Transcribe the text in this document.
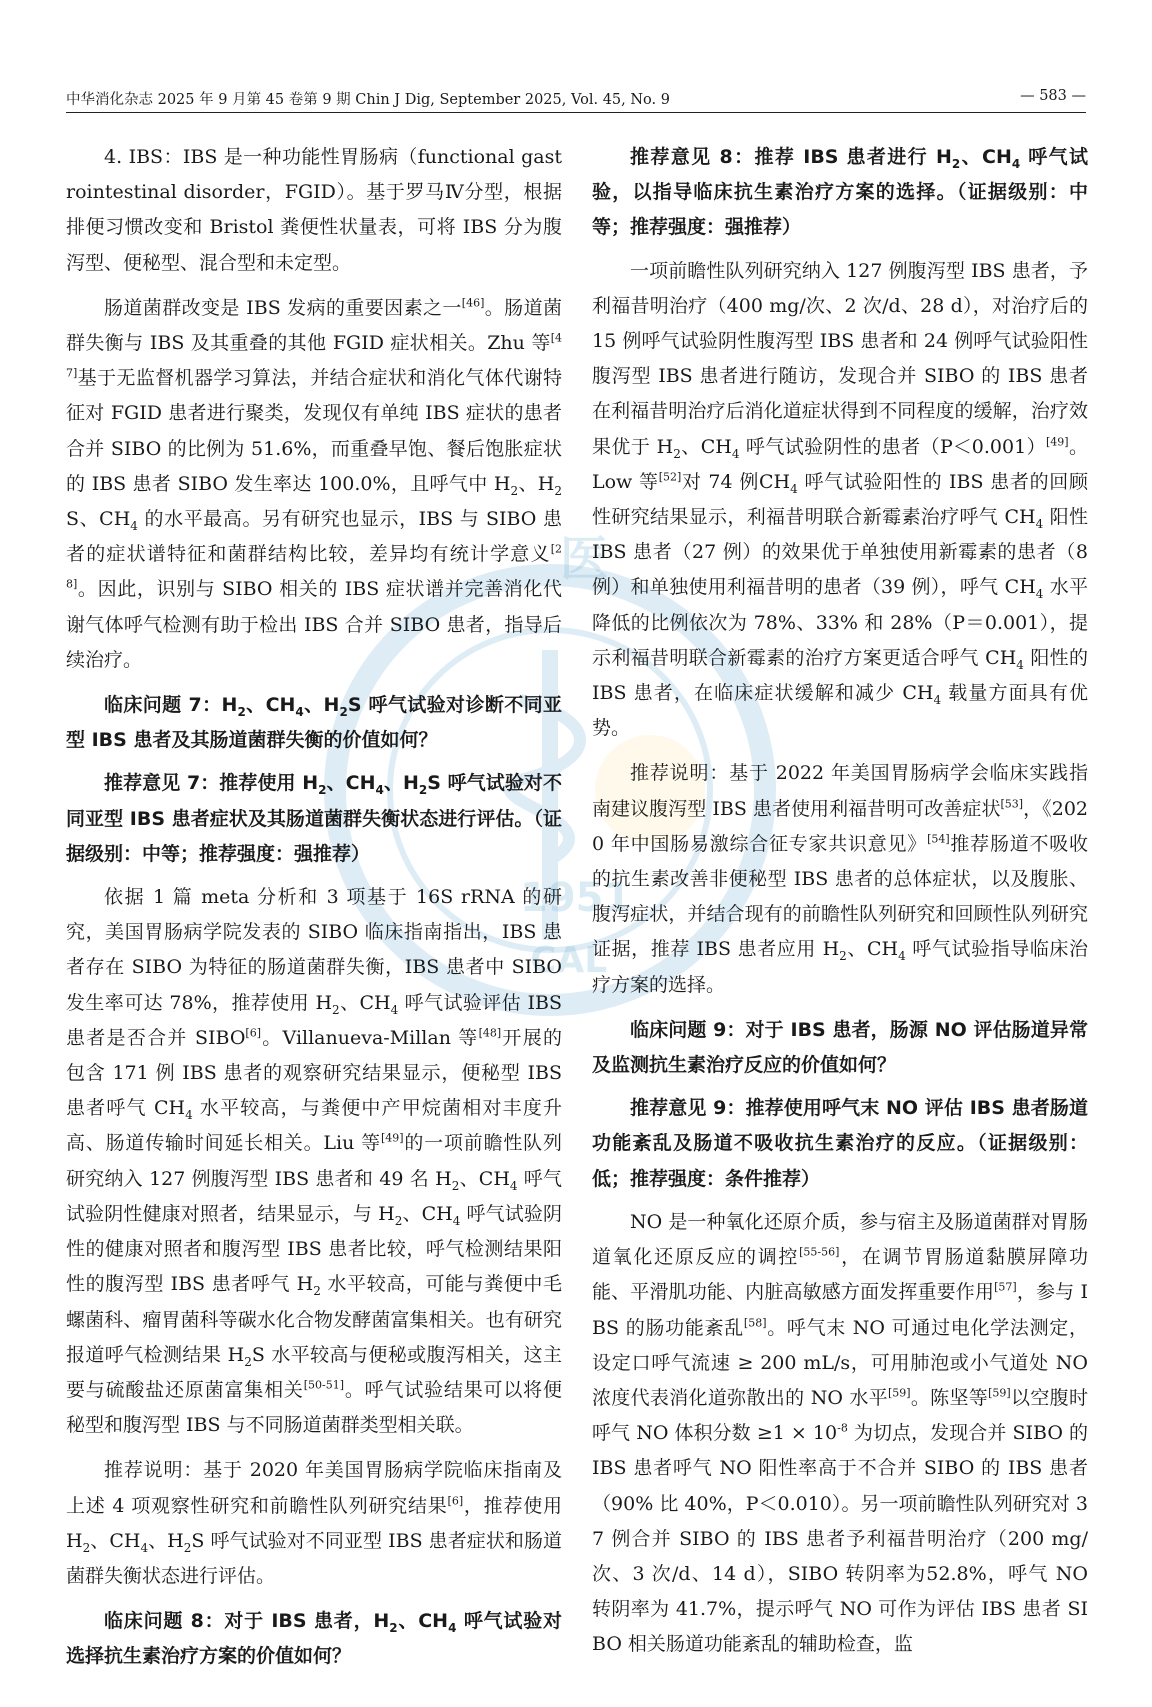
医
1951
CAL
中华消化杂志 2025 年 9 月第 45 卷第 9 期 Chin J Dig, September 2025, Vol. 45, No. 9	— 583 —

4. IBS：IBS 是一种功能性胃肠病（functional gastrointestinal disorder，FGID）。基于罗马Ⅳ分型，根据排便习惯改变和 Bristol 粪便性状量表，可将 IBS 分为腹泻型、便秘型、混合型和未定型。

肠道菌群改变是 IBS 发病的重要因素之一[46]。肠道菌群失衡与 IBS 及其重叠的其他 FGID 症状相关。Zhu 等[47]基于无监督机器学习算法，并结合症状和消化气体代谢特征对 FGID 患者进行聚类，发现仅有单纯 IBS 症状的患者合并 SIBO 的比例为 51.6%，而重叠早饱、餐后饱胀症状的 IBS 患者 SIBO 发生率达 100.0%，且呼气中 $H_2$、$H_2S$、$CH_4$ 的水平最高。另有研究也显示，IBS 与 SIBO 患者的症状谱特征和菌群结构比较，差异均有统计学意义[28]。因此，识别与 SIBO 相关的 IBS 症状谱并完善消化代谢气体呼气检测有助于检出 IBS 合并 SIBO 患者，指导后续治疗。

临床问题 7：$H_2$、$CH_4$、$H_2S$ 呼气试验对诊断不同亚型 IBS 患者及其肠道菌群失衡的价值如何？

推荐意见 7：推荐使用 $H_2$、$CH_4$、$H_2S$ 呼气试验对不同亚型 IBS 患者症状及其肠道菌群失衡状态进行评估。（证据级别：中等；推荐强度：强推荐）

依据 1 篇 meta 分析和 3 项基于 16S rRNA 的研究，美国胃肠病学院发表的 SIBO 临床指南指出，IBS 患者存在 SIBO 为特征的肠道菌群失衡，IBS 患者中 SIBO 发生率可达 78%，推荐使用 $H_2$、$CH_4$ 呼气试验评估 IBS 患者是否合并 SIBO[6]。Villanueva-Millan 等[48]开展的包含 171 例 IBS 患者的观察研究结果显示，便秘型 IBS 患者呼气 $CH_4$ 水平较高，与粪便中产甲烷菌相对丰度升高、肠道传输时间延长相关。Liu 等[49]的一项前瞻性队列研究纳入 127 例腹泻型 IBS 患者和 49 名 $H_2$、$CH_4$ 呼气试验阴性健康对照者，结果显示，与 $H_2$、$CH_4$ 呼气试验阴性的健康对照者和腹泻型 IBS 患者比较，呼气检测结果阳性的腹泻型 IBS 患者呼气 $H_2$ 水平较高，可能与粪便中毛螺菌科、瘤胃菌科等碳水化合物发酵菌富集相关。也有研究报道呼气检测结果 $H_2S$ 水平较高与便秘或腹泻相关，这主要与硫酸盐还原菌富集相关[50-51]。呼气试验结果可以将便秘型和腹泻型 IBS 与不同肠道菌群类型相关联。

推荐说明：基于 2020 年美国胃肠病学院临床指南及上述 4 项观察性研究和前瞻性队列研究结果[6]，推荐使用 $H_2$、$CH_4$、$H_2S$ 呼气试验对不同亚型 IBS 患者症状和肠道菌群失衡状态进行评估。

临床问题 8：对于 IBS 患者，$H_2$、$CH_4$ 呼气试验对选择抗生素治疗方案的价值如何？

推荐意见 8：推荐 IBS 患者进行 $H_2$、$CH_4$ 呼气试验，以指导临床抗生素治疗方案的选择。（证据级别：中等；推荐强度：强推荐）

一项前瞻性队列研究纳入 127 例腹泻型 IBS 患者，予利福昔明治疗（400 mg/次、2 次/d、28 d），对治疗后的 15 例呼气试验阴性腹泻型 IBS 患者和 24 例呼气试验阳性腹泻型 IBS 患者进行随访，发现合并 SIBO 的 IBS 患者在利福昔明治疗后消化道症状得到不同程度的缓解，治疗效果优于 $H_2$、$CH_4$ 呼气试验阴性的患者（P＜0.001）[49]。Low 等[52]对 74 例$CH_4$ 呼气试验阳性的 IBS 患者的回顾性研究结果显示，利福昔明联合新霉素治疗呼气 $CH_4$ 阳性 IBS 患者（27 例）的效果优于单独使用新霉素的患者（8 例）和单独使用利福昔明的患者（39 例），呼气 $CH_4$ 水平降低的比例依次为 78%、33% 和 28%（P＝0.001），提示利福昔明联合新霉素的治疗方案更适合呼气 $CH_4$ 阳性的 IBS 患者，在临床症状缓解和减少 $CH_4$ 载量方面具有优势。

推荐说明：基于 2022 年美国胃肠病学会临床实践指南建议腹泻型 IBS 患者使用利福昔明可改善症状[53]，《2020 年中国肠易激综合征专家共识意见》[54]推荐肠道不吸收的抗生素改善非便秘型 IBS 患者的总体症状，以及腹胀、腹泻症状，并结合现有的前瞻性队列研究和回顾性队列研究证据，推荐 IBS 患者应用 $H_2$、$CH_4$ 呼气试验指导临床治疗方案的选择。

临床问题 9：对于 IBS 患者，肠源 NO 评估肠道异常及监测抗生素治疗反应的价值如何？

推荐意见 9：推荐使用呼气末 NO 评估 IBS 患者肠道功能紊乱及肠道不吸收抗生素治疗的反应。（证据级别：低；推荐强度：条件推荐）

NO 是一种氧化还原介质，参与宿主及肠道菌群对胃肠道氧化还原反应的调控[55-56]，在调节胃肠道黏膜屏障功能、平滑肌功能、内脏高敏感方面发挥重要作用[57]，参与 IBS 的肠功能紊乱[58]。呼气末 NO 可通过电化学法测定，设定口呼气流速 ≥ 200 mL/s，可用肺泡或小气道处 NO 浓度代表消化道弥散出的 NO 水平[59]。陈坚等[59]以空腹时呼气 NO 体积分数 $\ge 1 \times 10^{-8}$ 为切点，发现合并 SIBO 的 IBS 患者呼气 NO 阳性率高于不合并 SIBO 的 IBS 患者（90% 比 40%，P＜0.010）。另一项前瞻性队列研究对 37 例合并 SIBO 的 IBS 患者予利福昔明治疗（200 mg/次、3 次/d、14 d），SIBO 转阴率为52.8%，呼气 NO 转阴率为 41.7%，提示呼气 NO 可作为评估 IBS 患者 SIBO 相关肠道功能紊乱的辅助检查，监
